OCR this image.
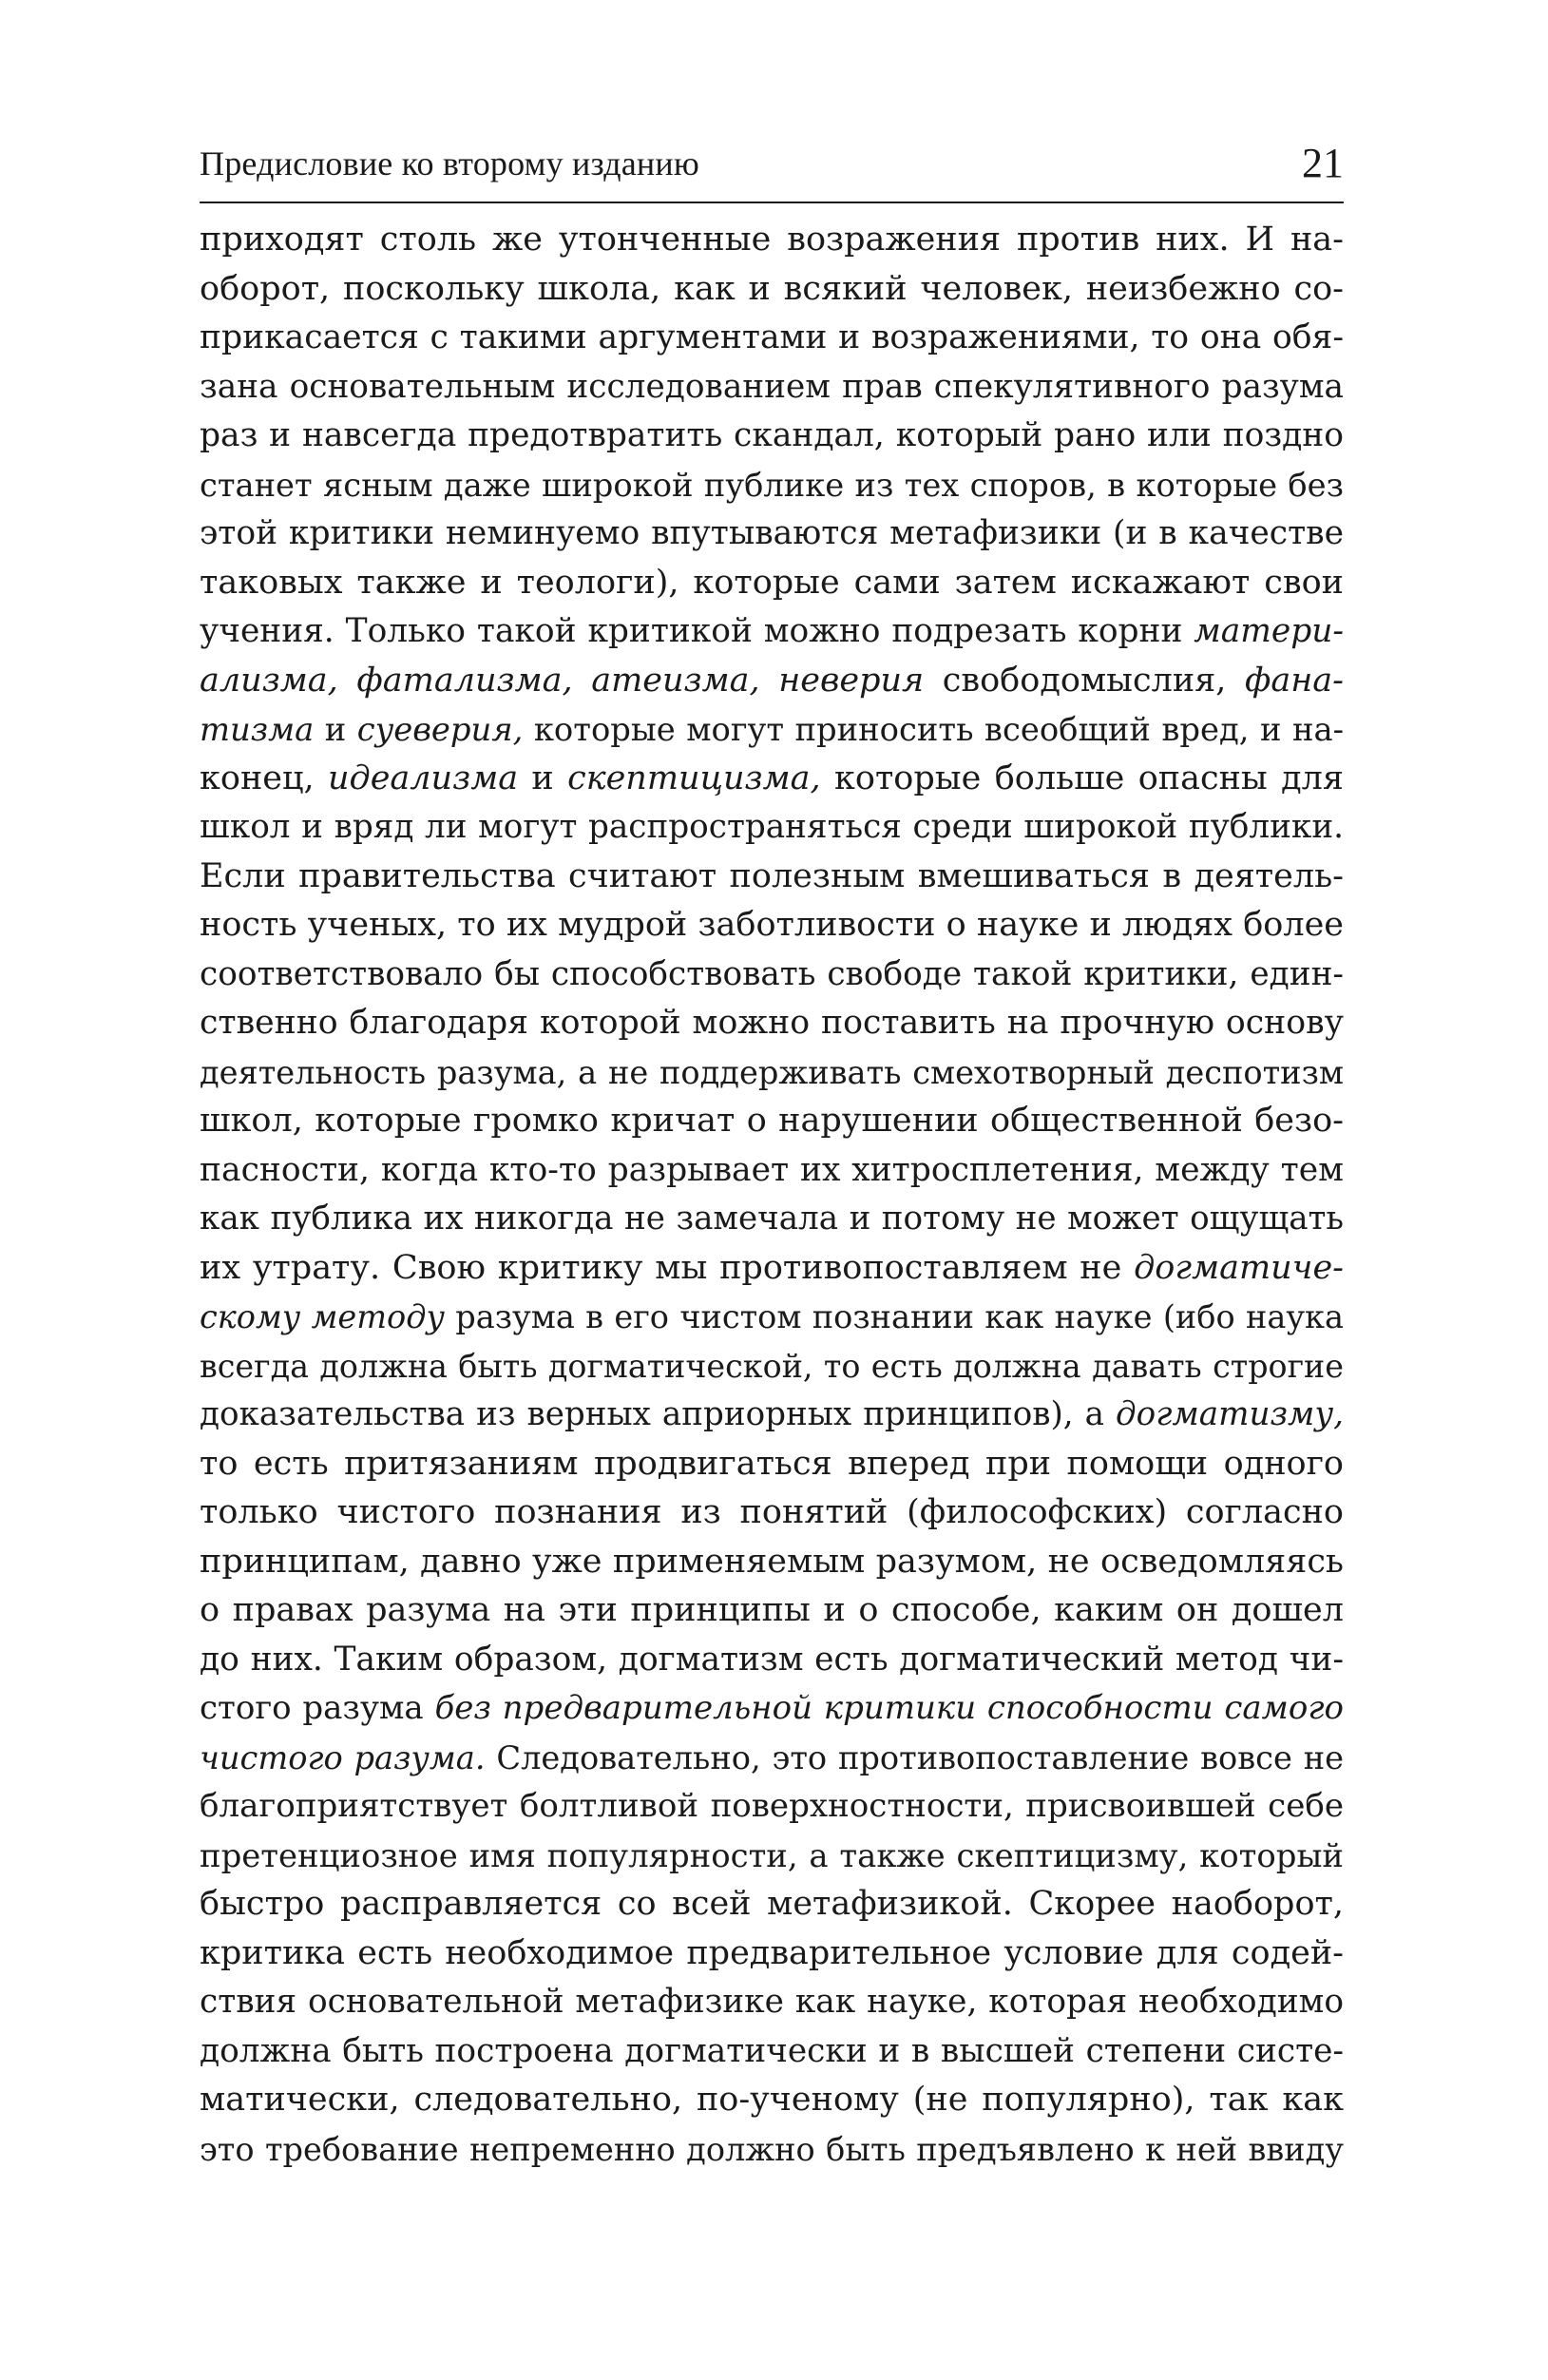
Предисловие ко второму изданию	21
приходят столь же утонченные возражения против них. И на-
оборот, поскольку школа, как и всякий человек, неизбежно со-
прикасается с такими аргументами и возражениями, то она обя-
зана основательным исследованием прав спекулятивного разума
раз и навсегда предотвратить скандал, который рано или поздно
станет ясным даже широкой публике из тех споров, в которые без
этой критики неминуемо впутываются метафизики (и в качестве
таковых также и теологи), которые сами затем искажают свои
учения. Только такой критикой можно подрезать корни матери-
ализма, фатализма, атеизма, неверия свободомыслия, фана-
тизма и суеверия, которые могут приносить всеобщий вред, и на-
конец, идеализма и скептицизма, которые больше опасны для
школ и вряд ли могут распространяться среди широкой публики.
Если правительства считают полезным вмешиваться в деятель-
ность ученых, то их мудрой заботливости о науке и людях более
соответствовало бы способствовать свободе такой критики, един-
ственно благодаря которой можно поставить на прочную основу
деятельность разума, а не поддерживать смехотворный деспотизм
школ, которые громко кричат о нарушении общественной безо-
пасности, когда кто-то разрывает их хитросплетения, между тем
как публика их никогда не замечала и потому не может ощущать
их утрату. Свою критику мы противопоставляем не догматиче-
скому методу разума в его чистом познании как науке (ибо наука
всегда должна быть догматической, то есть должна давать строгие
доказательства из верных априорных принципов), а догматизму,
то есть притязаниям продвигаться вперед при помощи одного
только чистого познания из понятий (философских) согласно
принципам, давно уже применяемым разумом, не осведомляясь
о правах разума на эти принципы и о способе, каким он дошел
до них. Таким образом, догматизм есть догматический метод чи-
стого разума без предварительной критики способности самого
чистого разума. Следовательно, это противопоставление вовсе не
благоприятствует болтливой поверхностности, присвоившей себе
претенциозное имя популярности, а также скептицизму, который
быстро расправляется со всей метафизикой. Скорее наоборот,
критика есть необходимое предварительное условие для содей-
ствия основательной метафизике как науке, которая необходимо
должна быть построена догматически и в высшей степени систе-
матически, следовательно, по-ученому (не популярно), так как
это требование непременно должно быть предъявлено к ней ввиду
